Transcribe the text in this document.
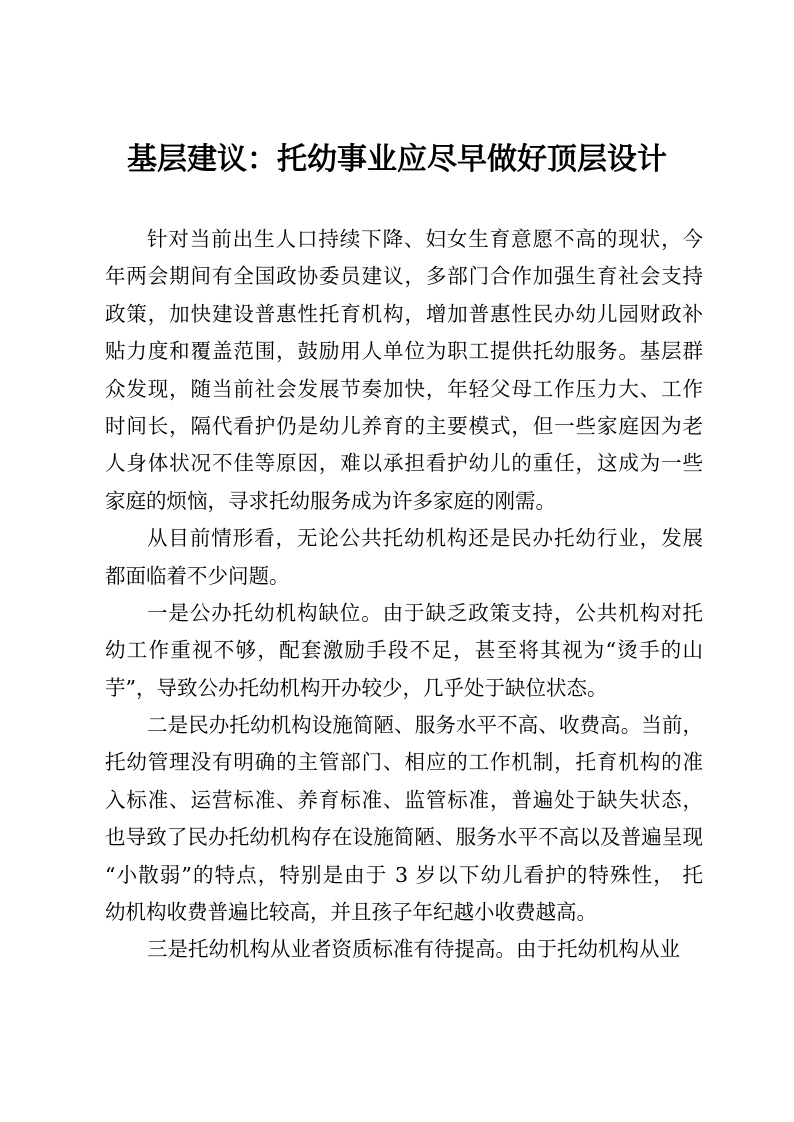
基层建议：托幼事业应尽早做好顶层设计
针对当前出生人口持续下降、妇女生育意愿不高的现状，今
年两会期间有全国政协委员建议，多部门合作加强生育社会支持
政策，加快建设普惠性托育机构，增加普惠性民办幼儿园财政补
贴力度和覆盖范围，鼓励用人单位为职工提供托幼服务。基层群
众发现，随当前社会发展节奏加快，年轻父母工作压力大、工作
时间长，隔代看护仍是幼儿养育的主要模式，但一些家庭因为老
人身体状况不佳等原因，难以承担看护幼儿的重任，这成为一些
家庭的烦恼，寻求托幼服务成为许多家庭的刚需。
从目前情形看，无论公共托幼机构还是民办托幼行业，发展
都面临着不少问题。
一是公办托幼机构缺位。由于缺乏政策支持，公共机构对托
幼工作重视不够，配套激励手段不足，甚至将其视为“烫手的山
芋”，导致公办托幼机构开办较少，几乎处于缺位状态。
二是民办托幼机构设施简陋、服务水平不高、收费高。当前，
托幼管理没有明确的主管部门、相应的工作机制，托育机构的准
入标准、运营标准、养育标准、监管标准，普遍处于缺失状态，
也导致了民办托幼机构存在设施简陋、服务水平不高以及普遍呈现
“小散弱”的特点，特别是由于 3 岁以下幼儿看护的特殊性， 托
幼机构收费普遍比较高，并且孩子年纪越小收费越高。
三是托幼机构从业者资质标准有待提高。由于托幼机构从业
